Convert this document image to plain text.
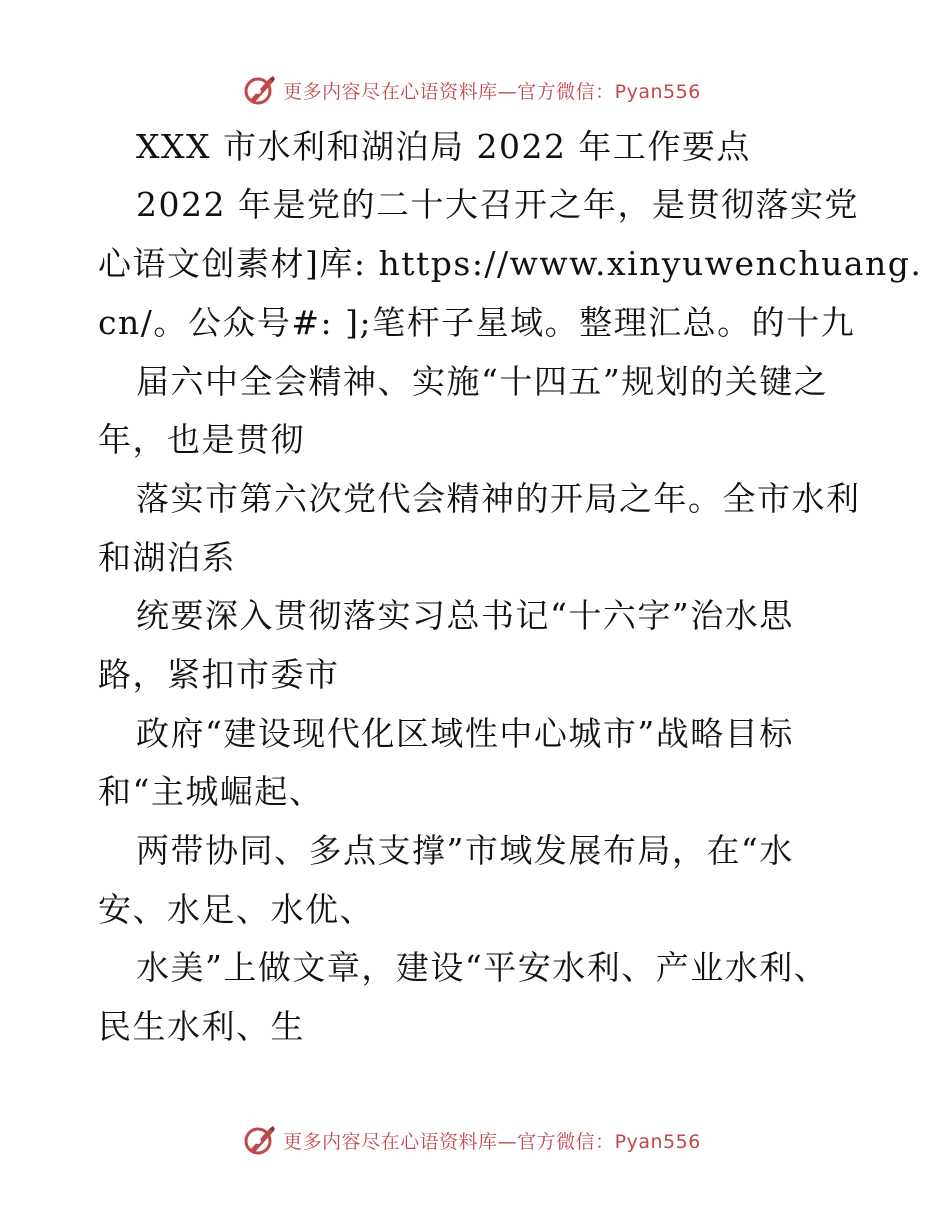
更多内容尽在心语资料库—官方微信：Pyan556
XXX 市水利和湖泊局 2022 年工作要点
2022 年是党的二十大召开之年，是贯彻落实党
心语文创素材]库: https://www.xinyuwenchuang.
cn/。公众号#: ];笔杆子星域。整理汇总。的十九
届六中全会精神、实施“十四五”规划的关键之
年，也是贯彻
落实市第六次党代会精神的开局之年。全市水利
和湖泊系
统要深入贯彻落实习总书记“十六字”治水思
路，紧扣市委市
政府“建设现代化区域性中心城市”战略目标
和“主城崛起、
两带协同、多点支撑”市域发展布局，在“水
安、水足、水优、
水美”上做文章，建设“平安水利、产业水利、
民生水利、生
更多内容尽在心语资料库—官方微信：Pyan556
